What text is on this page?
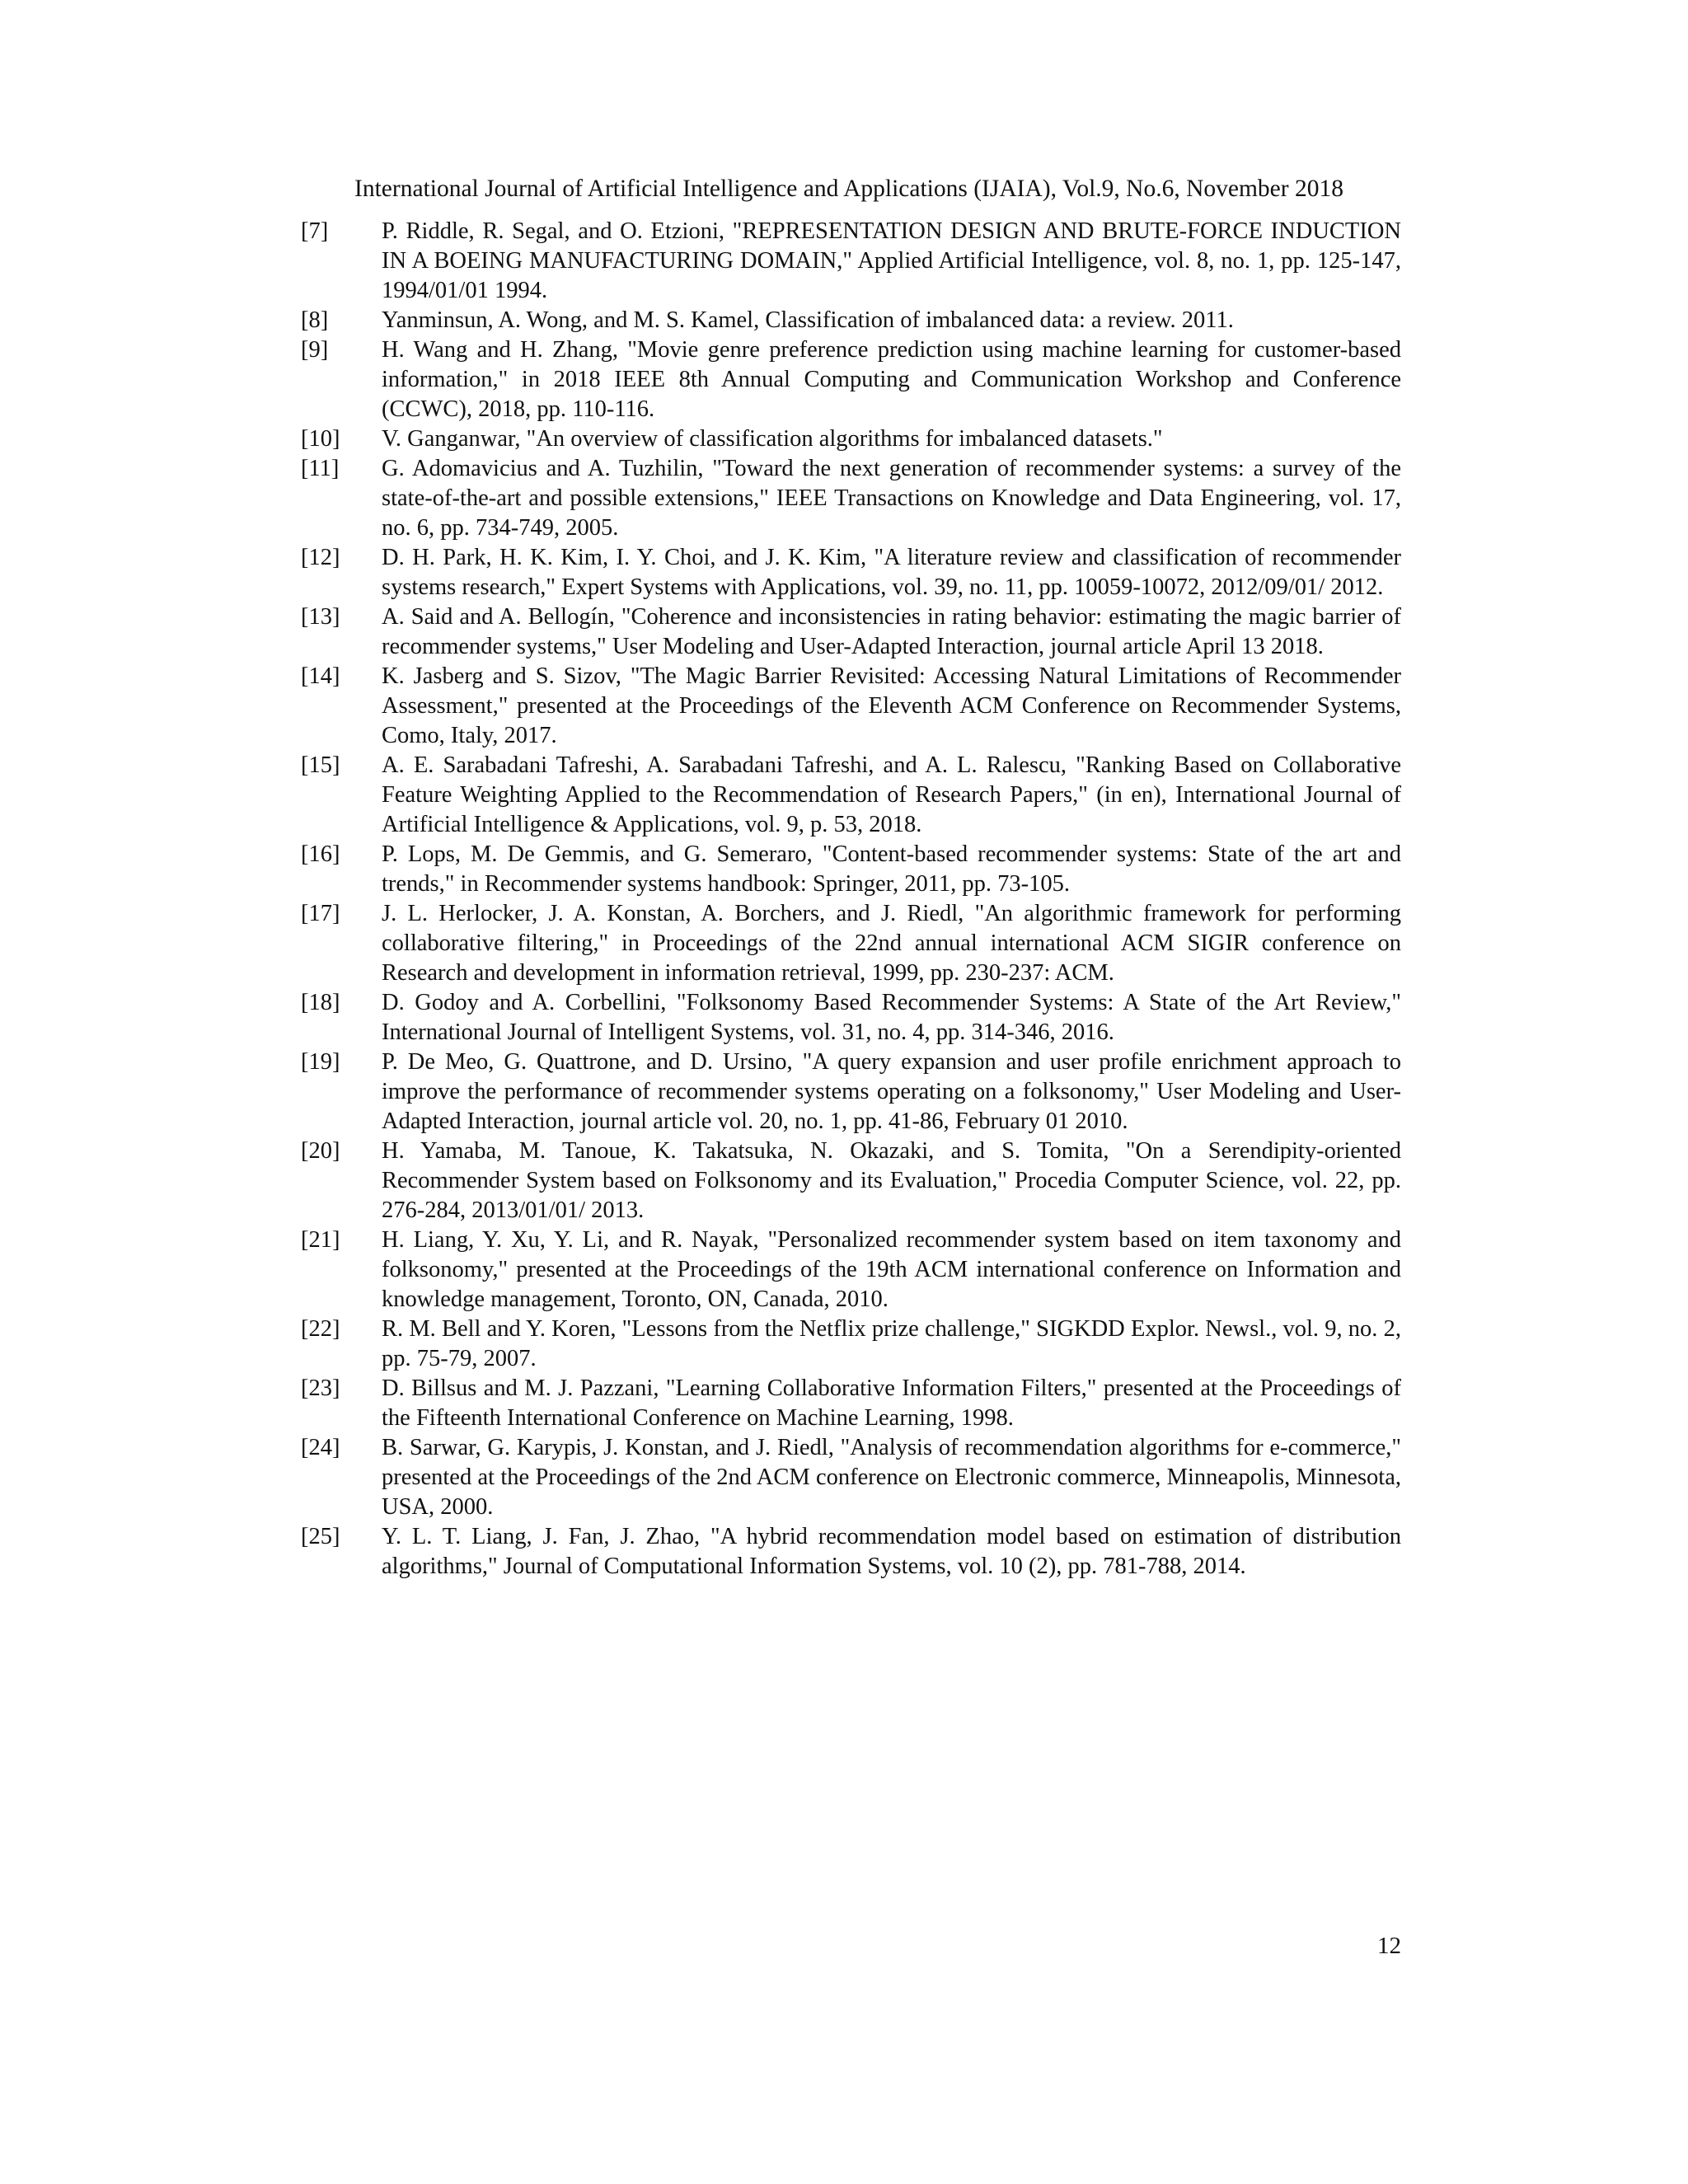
International Journal of Artificial Intelligence and Applications (IJAIA), Vol.9, No.6, November 2018
[7]	P. Riddle, R. Segal, and O. Etzioni, "REPRESENTATION DESIGN AND BRUTE-FORCE INDUCTION IN A BOEING MANUFACTURING DOMAIN," Applied Artificial Intelligence, vol. 8, no. 1, pp. 125-147, 1994/01/01 1994.
[8]	Yanminsun, A. Wong, and M. S. Kamel, Classification of imbalanced data: a review. 2011.
[9]	H. Wang and H. Zhang, "Movie genre preference prediction using machine learning for customer-based information," in 2018 IEEE 8th Annual Computing and Communication Workshop and Conference (CCWC), 2018, pp. 110-116.
[10]	V. Ganganwar, "An overview of classification algorithms for imbalanced datasets."
[11]	G. Adomavicius and A. Tuzhilin, "Toward the next generation of recommender systems: a survey of the state-of-the-art and possible extensions," IEEE Transactions on Knowledge and Data Engineering, vol. 17, no. 6, pp. 734-749, 2005.
[12]	D. H. Park, H. K. Kim, I. Y. Choi, and J. K. Kim, "A literature review and classification of recommender systems research," Expert Systems with Applications, vol. 39, no. 11, pp. 10059-10072, 2012/09/01/ 2012.
[13]	A. Said and A. Bellogín, "Coherence and inconsistencies in rating behavior: estimating the magic barrier of recommender systems," User Modeling and User-Adapted Interaction, journal article April 13 2018.
[14]	K. Jasberg and S. Sizov, "The Magic Barrier Revisited: Accessing Natural Limitations of Recommender Assessment," presented at the Proceedings of the Eleventh ACM Conference on Recommender Systems, Como, Italy, 2017.
[15]	A. E. Sarabadani Tafreshi, A. Sarabadani Tafreshi, and A. L. Ralescu, "Ranking Based on Collaborative Feature Weighting Applied to the Recommendation of Research Papers," (in en), International Journal of Artificial Intelligence & Applications, vol. 9, p. 53, 2018.
[16]	P. Lops, M. De Gemmis, and G. Semeraro, "Content-based recommender systems: State of the art and trends," in Recommender systems handbook: Springer, 2011, pp. 73-105.
[17]	J. L. Herlocker, J. A. Konstan, A. Borchers, and J. Riedl, "An algorithmic framework for performing collaborative filtering," in Proceedings of the 22nd annual international ACM SIGIR conference on Research and development in information retrieval, 1999, pp. 230-237: ACM.
[18]	D. Godoy and A. Corbellini, "Folksonomy Based Recommender Systems: A State of the Art Review," International Journal of Intelligent Systems, vol. 31, no. 4, pp. 314-346, 2016.
[19]	P. De Meo, G. Quattrone, and D. Ursino, "A query expansion and user profile enrichment approach to improve the performance of recommender systems operating on a folksonomy," User Modeling and User-Adapted Interaction, journal article vol. 20, no. 1, pp. 41-86, February 01 2010.
[20]	H. Yamaba, M. Tanoue, K. Takatsuka, N. Okazaki, and S. Tomita, "On a Serendipity-oriented Recommender System based on Folksonomy and its Evaluation," Procedia Computer Science, vol. 22, pp. 276-284, 2013/01/01/ 2013.
[21]	H. Liang, Y. Xu, Y. Li, and R. Nayak, "Personalized recommender system based on item taxonomy and folksonomy," presented at the Proceedings of the 19th ACM international conference on Information and knowledge management, Toronto, ON, Canada, 2010.
[22]	R. M. Bell and Y. Koren, "Lessons from the Netflix prize challenge," SIGKDD Explor. Newsl., vol. 9, no. 2, pp. 75-79, 2007.
[23]	D. Billsus and M. J. Pazzani, "Learning Collaborative Information Filters," presented at the Proceedings of the Fifteenth International Conference on Machine Learning, 1998.
[24]	B. Sarwar, G. Karypis, J. Konstan, and J. Riedl, "Analysis of recommendation algorithms for e-commerce," presented at the Proceedings of the 2nd ACM conference on Electronic commerce, Minneapolis, Minnesota, USA, 2000.
[25]	Y. L. T. Liang, J. Fan, J. Zhao, "A hybrid recommendation model based on estimation of distribution algorithms," Journal of Computational Information Systems, vol. 10 (2), pp. 781-788, 2014.
12
